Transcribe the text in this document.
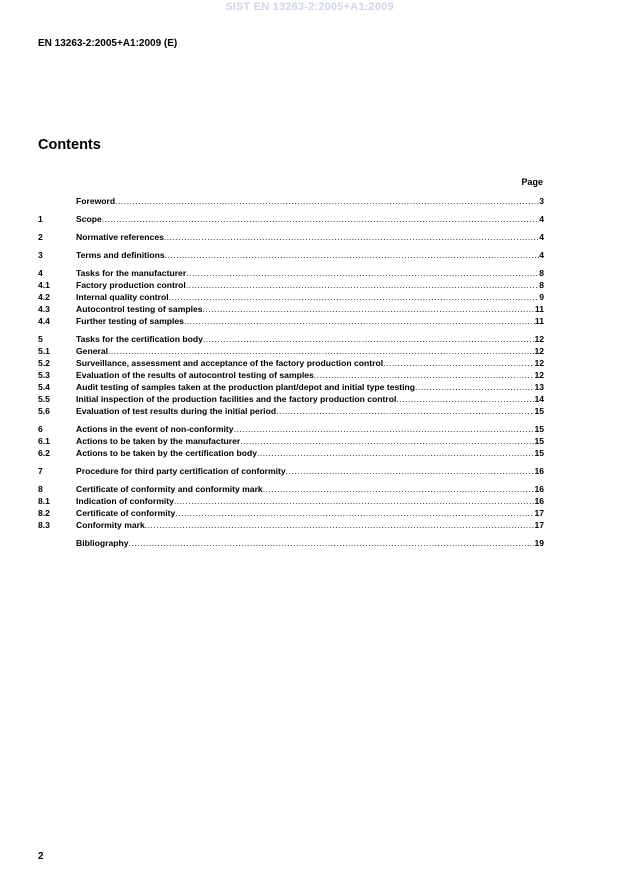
SIST EN 13263-2:2005+A1:2009
EN 13263-2:2005+A1:2009 (E)
Contents
Page
Foreword .....	3
1	Scope .....	4
2	Normative references .....	4
3	Terms and definitions .....	4
4	Tasks for the manufacturer .....	8
4.1	Factory production control .....	8
4.2	Internal quality control .....	9
4.3	Autocontrol testing of samples .....	11
4.4	Further testing of samples .....	11
5	Tasks for the certification body .....	12
5.1	General .....	12
5.2	Surveillance, assessment and acceptance of the factory production control .....	12
5.3	Evaluation of the results of autocontrol testing of samples .....	12
5.4	Audit testing of samples taken at the production plant/depot and initial type testing .....	13
5.5	Initial inspection of the production facilities and the factory production control .....	14
5.6	Evaluation of test results during the initial period .....	15
6	Actions in the event of non-conformity .....	15
6.1	Actions to be taken by the manufacturer .....	15
6.2	Actions to be taken by the certification body .....	15
7	Procedure for third party certification of conformity .....	16
8	Certificate of conformity and conformity mark .....	16
8.1	Indication of conformity .....	16
8.2	Certificate of conformity .....	17
8.3	Conformity mark .....	17
Bibliography .....	19
2
